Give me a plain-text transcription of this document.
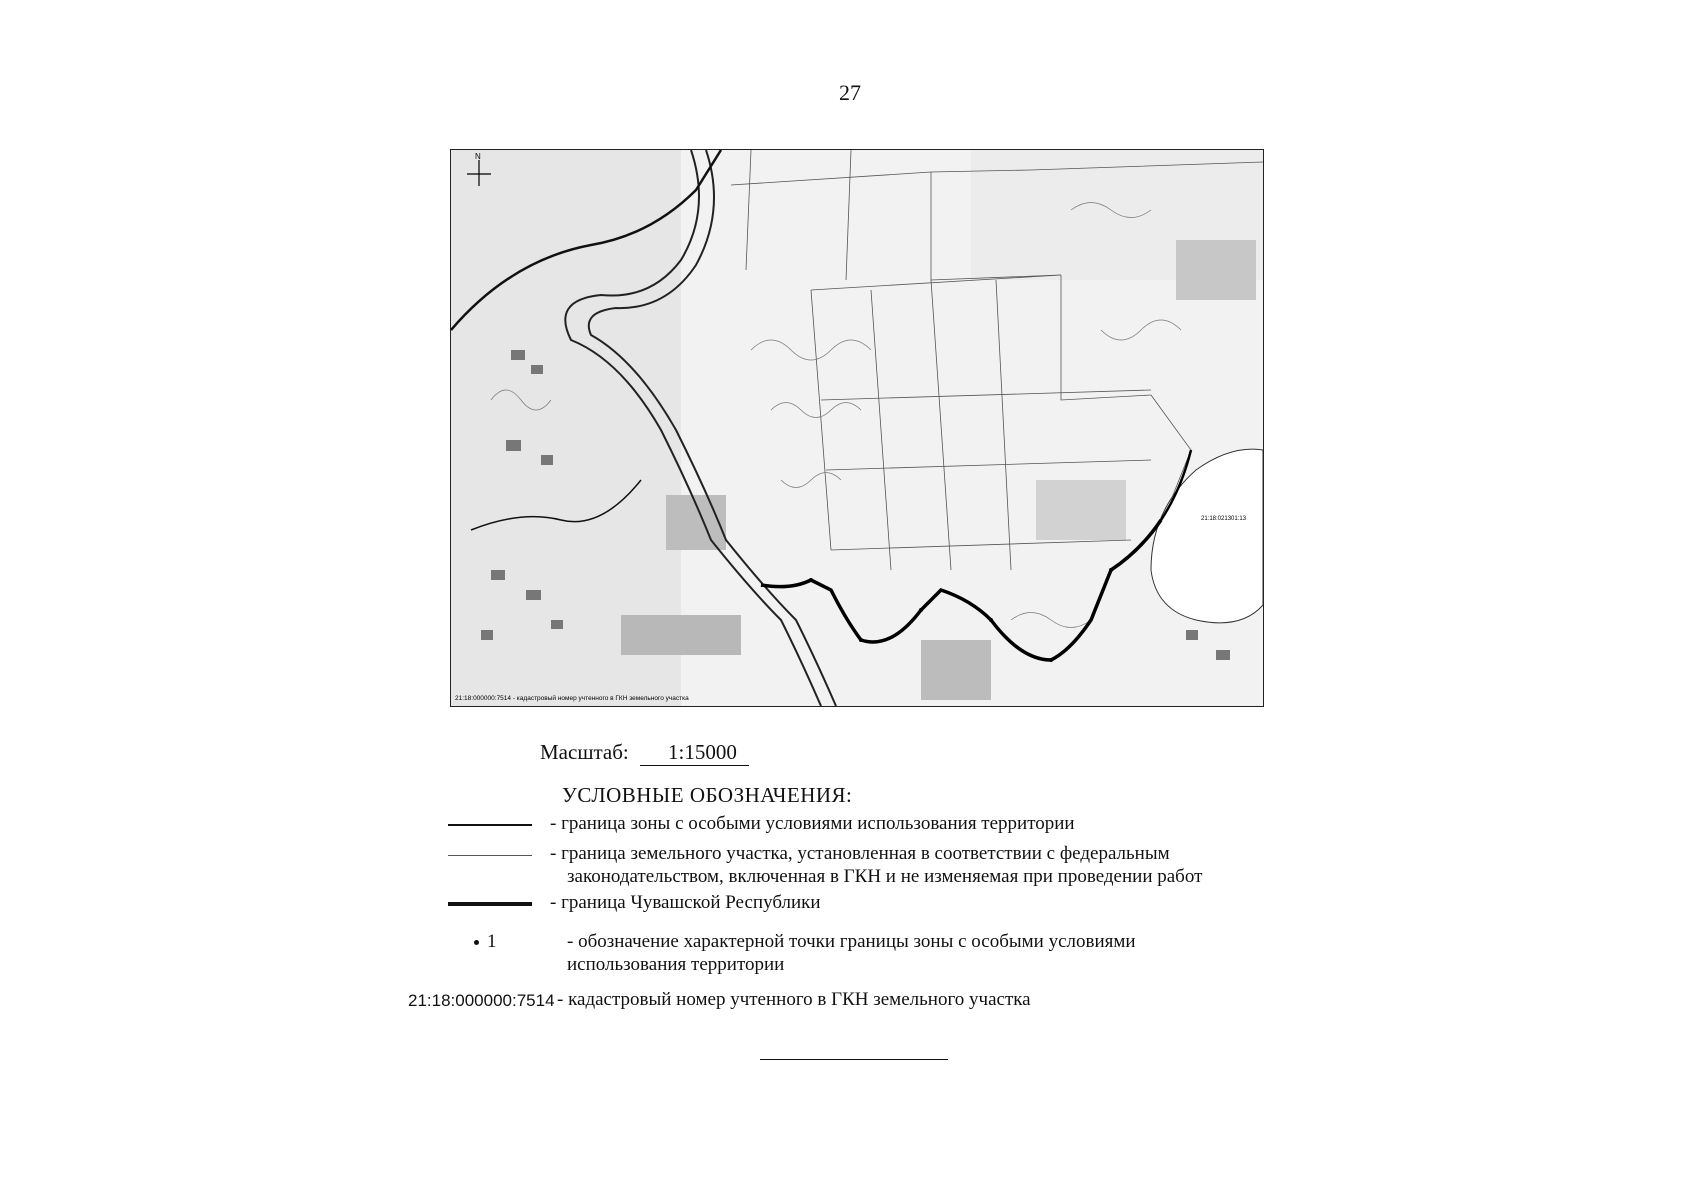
27
N
21:18:021301:13
21:18:000000:7514 - кадастровый номер учтенного в ГКН земельного участка
Масштаб: 1:15000
УСЛОВНЫЕ ОБОЗНАЧЕНИЯ:
- граница зоны с особыми условиями использования территории
- граница земельного участка, установленная в соответствии с федеральным
законодательством, включенная в ГКН и не изменяемая при проведении работ
- граница Чувашской Республики
1	- обозначение характерной точки границы зоны с особыми условиями
использования территории
21:18:000000:7514 - кадастровый номер учтенного в ГКН земельного участка
